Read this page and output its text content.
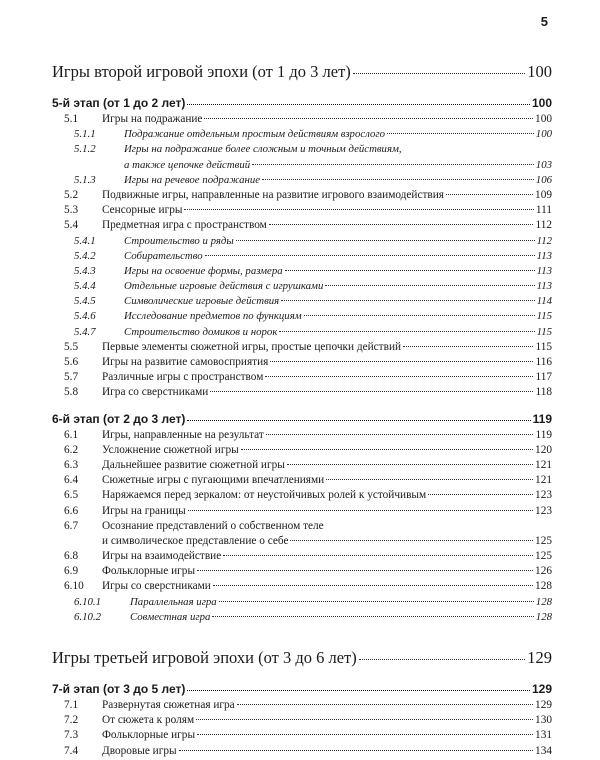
5
Игры второй игровой эпохи (от 1 до 3 лет)	100
5-й этап (от 1 до 2 лет)	100
5.1	Игры на подражание	100
5.1.1	Подражание отдельным простым действиям взрослого	100
5.1.2	Игры на подражание более сложным и точным действиям,
а также цепочке действий	103
5.1.3	Игры на речевое подражание	106
5.2	Подвижные игры, направленные на развитие игрового взаимодействия	109
5.3	Сенсорные игры	111
5.4	Предметная игра с пространством	112
5.4.1	Строительство и ряды	112
5.4.2	Собирательство	113
5.4.3	Игры на освоение формы, размера	113
5.4.4	Отдельные игровые действия с игрушками	113
5.4.5	Символические игровые действия	114
5.4.6	Исследование предметов по функциям	115
5.4.7	Строительство домиков и норок	115
5.5	Первые элементы сюжетной игры, простые цепочки действий	115
5.6	Игры на развитие самовосприятия	116
5.7	Различные игры с пространством	117
5.8	Игра со сверстниками	118
6-й этап (от 2 до 3 лет)	119
6.1	Игры, направленные на результат	119
6.2	Усложнение сюжетной игры	120
6.3	Дальнейшее развитие сюжетной игры	121
6.4	Сюжетные игры с пугающими впечатлениями	121
6.5	Наряжаемся перед зеркалом: от неустойчивых ролей к устойчивым	123
6.6	Игры на границы	123
6.7	Осознание представлений о собственном теле
и символическое представление о себе	125
6.8	Игры на взаимодействие	125
6.9	Фольклорные игры	126
6.10	Игры со сверстниками	128
6.10.1	Параллельная игра	128
6.10.2	Совместная игра	128
Игры третьей игровой эпохи (от 3 до 6 лет)	129
7-й этап (от 3 до 5 лет)	129
7.1	Развернутая сюжетная игра	129
7.2	От сюжета к ролям	130
7.3	Фольклорные игры	131
7.4	Дворовые игры	134
